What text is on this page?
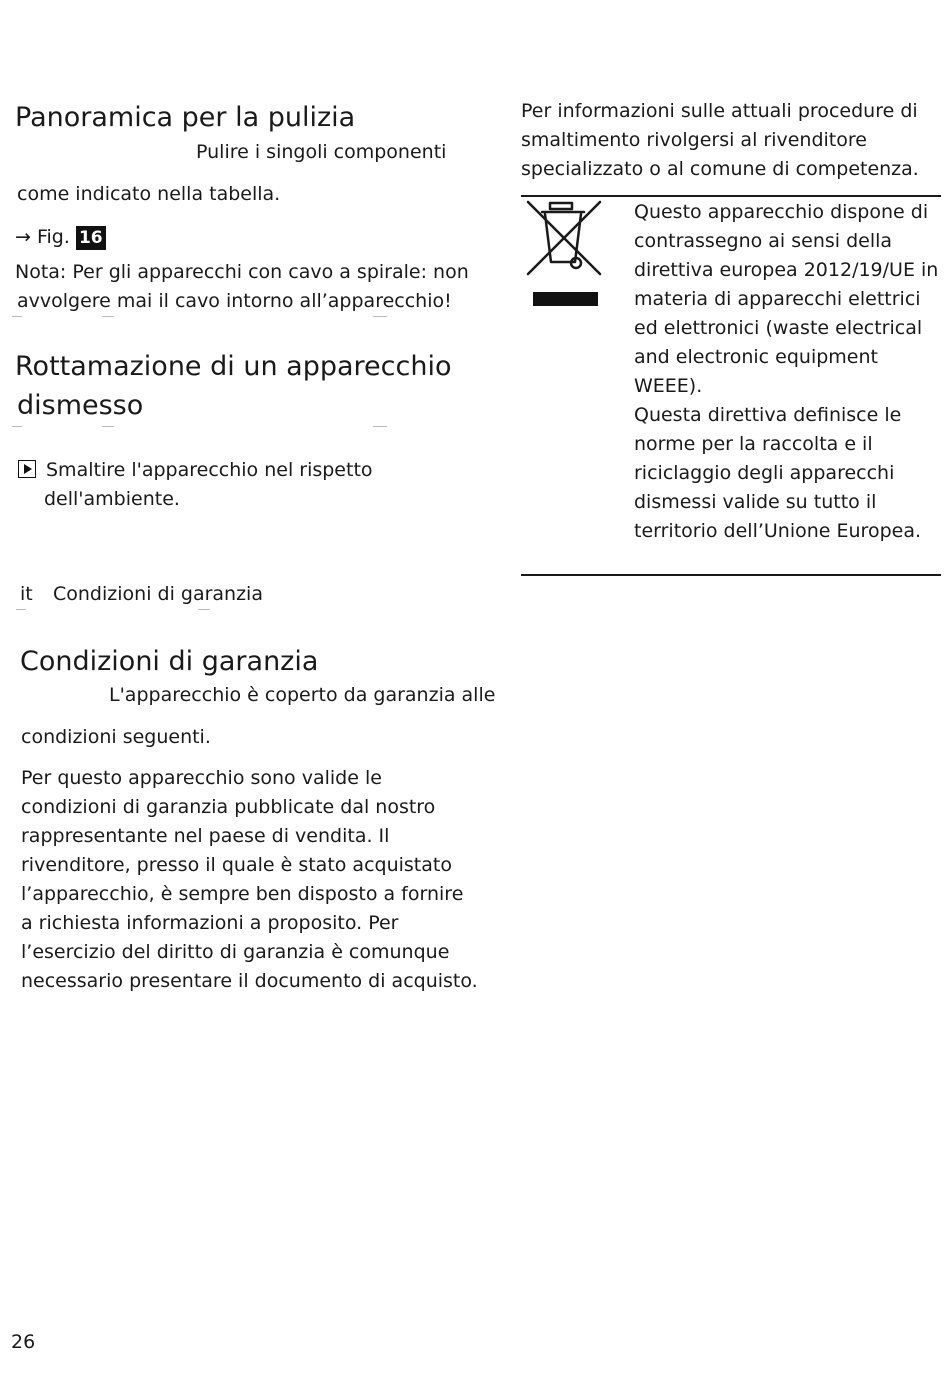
Panoramica per la pulizia

Pulire i singoli componenti

come indicato nella tabella.

→ Fig. 16

Nota: Per gli apparecchi con cavo a spirale: non

avvolgere mai il cavo intorno all’apparecchio!

Rottamazione di un apparecchio
dismesso

Smaltire l'apparecchio nel rispetto

dell'ambiente.

it Condizioni di garanzia

Condizioni di garanzia

L'apparecchio è coperto da garanzia alle

condizioni seguenti.

Per questo apparecchio sono valide le

condizioni di garanzia pubblicate dal nostro

rappresentante nel paese di vendita. Il

rivenditore, presso il quale è stato acquistato

l’apparecchio, è sempre ben disposto a fornire

a richiesta informazioni a proposito. Per

l’esercizio del diritto di garanzia è comunque

necessario presentare il documento di acquisto.

Per informazioni sulle attuali procedure di

smaltimento rivolgersi al rivenditore

specializzato o al comune di competenza.

Questo apparecchio dispone di

contrassegno ai sensi della

direttiva europea 2012/19/UE in

materia di apparecchi elettrici

ed elettronici (waste electrical

and electronic equipment

WEEE).

Questa direttiva definisce le

norme per la raccolta e il

riciclaggio degli apparecchi

dismessi valide su tutto il

territorio dell’Unione Europea.

26
